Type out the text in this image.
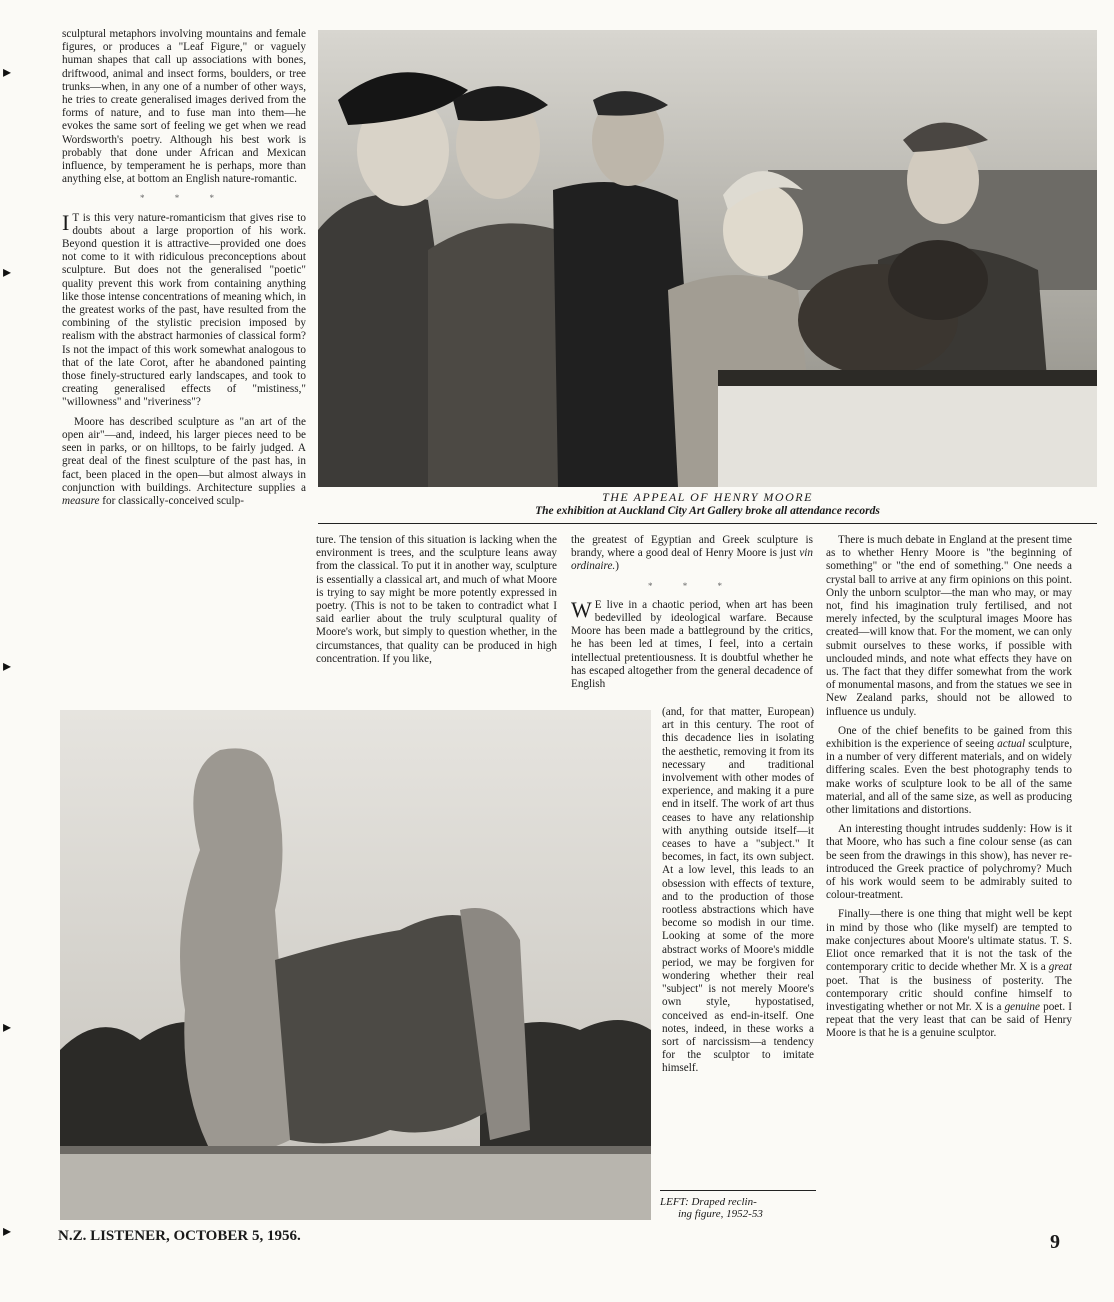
▸
▸
▸
▸
▸

sculptural metaphors involving mountains and female figures, or produces a "Leaf Figure," or vaguely human shapes that call up associations with bones, driftwood, animal and insect forms, boulders, or tree trunks—when, in any one of a number of other ways, he tries to create generalised images derived from the forms of nature, and to fuse man into them—he evokes the same sort of feeling we get when we read Wordsworth's poetry. Although his best work is probably that done under African and Mexican influence, by temperament he is perhaps, more than anything else, at bottom an English nature-romantic.

* * *

I T is this very nature-romanticism that gives rise to doubts about a large proportion of his work. Beyond question it is attractive—provided one does not come to it with ridiculous preconceptions about sculpture. But does not the generalised "poetic" quality prevent this work from containing anything like those intense concentrations of meaning which, in the greatest works of the past, have resulted from the combining of the stylistic precision imposed by realism with the abstract harmonies of classical form? Is not the impact of this work somewhat analogous to that of the late Corot, after he abandoned painting those finely-structured early landscapes, and took to creating generalised effects of "mistiness," "willowness" and "riveriness"?

Moore has described sculpture as "an art of the open air"—and, indeed, his larger pieces need to be seen in parks, or on hilltops, to be fairly judged. A great deal of the finest sculpture of the past has, in fact, been placed in the open—but almost always in conjunction with buildings. Architecture supplies a measure for classically-conceived sculp-	THE APPEAL OF HENRY MOORE
The exhibition at Auckland City Art Gallery broke all attendance records

ture. The tension of this situation is lacking when the environment is trees, and the sculpture leans away from the classical. To put it in another way, sculpture is essentially a classical art, and much of what Moore is trying to say might be more potently expressed in poetry. (This is not to be taken to contradict what I said earlier about the truly sculptural quality of Moore's work, but simply to question whether, in the circumstances, that quality can be produced in high concentration. If you like,

the greatest of Egyptian and Greek sculpture is brandy, where a good deal of Henry Moore is just vin ordinaire.)

* * *

W E live in a chaotic period, when art has been bedevilled by ideological warfare. Because Moore has been made a battleground by the critics, he has been led at times, I feel, into a certain intellectual pretentiousness. It is doubtful whether he has escaped altogether from the general decadence of English

(and, for that matter, European) art in this century. The root of this decadence lies in isolating the aesthetic, removing it from its necessary and traditional involvement with other modes of experience, and making it a pure end in itself. The work of art thus ceases to have any relationship with anything outside itself—it ceases to have a "subject." It becomes, in fact, its own subject. At a low level, this leads to an obsession with effects of texture, and to the production of those rootless abstractions which have become so modish in our time. Looking at some of the more abstract works of Moore's middle period, we may be forgiven for wondering whether their real "subject" is not merely Moore's own style, hypostatised, conceived as end-in-itself. One notes, indeed, in these works a sort of narcissism—a tendency for the sculptor to imitate himself.

There is much debate in England at the present time as to whether Henry Moore is "the beginning of something" or "the end of something." One needs a crystal ball to arrive at any firm opinions on this point. Only the unborn sculptor—the man who may, or may not, find his imagination truly fertilised, and not merely infected, by the sculptural images Moore has created—will know that. For the moment, we can only submit ourselves to these works, if possible with unclouded minds, and note what effects they have on us. The fact that they differ somewhat from the work of monumental masons, and from the statues we see in New Zealand parks, should not be allowed to influence us unduly.

One of the chief benefits to be gained from this exhibition is the experience of seeing actual sculpture, in a number of very different materials, and on widely differing scales. Even the best photography tends to make works of sculpture look to be all of the same material, and all of the same size, as well as producing other limitations and distortions.

An interesting thought intrudes suddenly: How is it that Moore, who has such a fine colour sense (as can be seen from the drawings in this show), has never re-introduced the Greek practice of polychromy? Much of his work would seem to be admirably suited to colour-treatment.

Finally—there is one thing that might well be kept in mind by those who (like myself) are tempted to make conjectures about Moore's ultimate status. T. S. Eliot once remarked that it is not the task of the contemporary critic to decide whether Mr. X is a great poet. That is the business of posterity. The contemporary critic should confine himself to investigating whether or not Mr. X is a genuine poet. I repeat that the very least that can be said of Henry Moore is that he is a genuine sculptor.

LEFT: Draped reclin-
ing figure, 1952-53
N.Z. LISTENER, OCTOBER 5, 1956.	9
